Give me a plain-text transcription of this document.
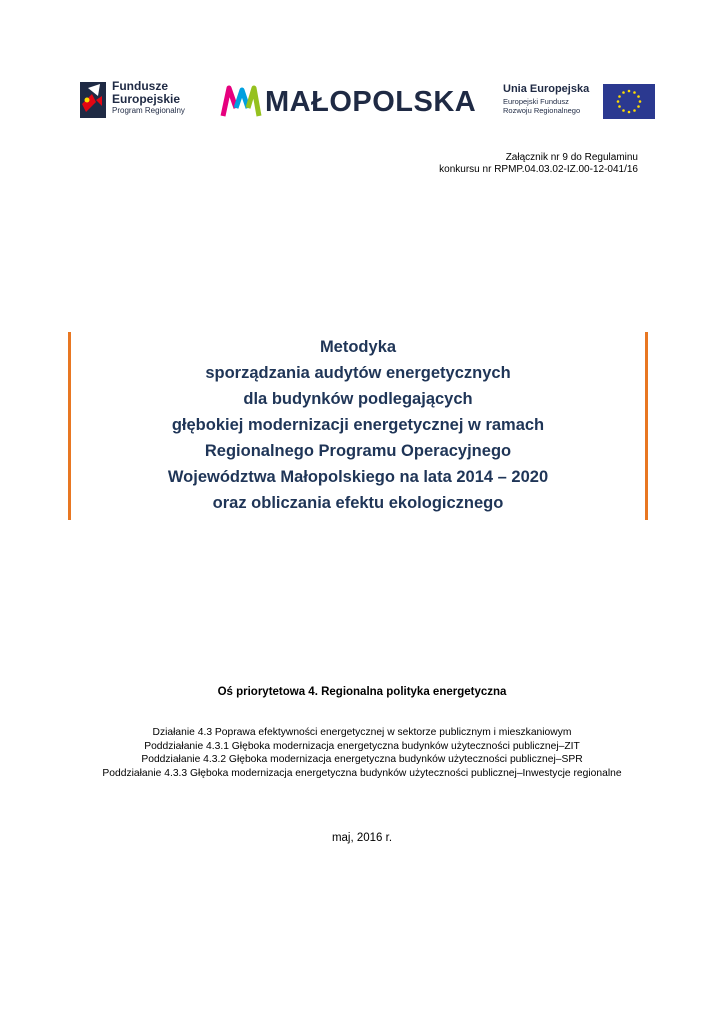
Fundusze
Europejskie
Program Regionalny	MAŁOPOLSKA Unia Europejska
Europejski Fundusz
Rozwoju Regionalnego
Załącznik nr 9 do Regulaminu
konkursu nr RPMP.04.03.02-IZ.00-12-041/16
Metodyka
sporządzania audytów energetycznych
dla budynków podlegających
głębokiej modernizacji energetycznej w ramach
Regionalnego Programu Operacyjnego
Województwa Małopolskiego na lata 2014 – 2020
oraz obliczania efektu ekologicznego
Oś priorytetowa 4. Regionalna polityka energetyczna
Działanie 4.3 Poprawa efektywności energetycznej w sektorze publicznym i mieszkaniowym
Poddziałanie 4.3.1 Głęboka modernizacja energetyczna budynków użyteczności publicznej–ZIT
Poddziałanie 4.3.2 Głęboka modernizacja energetyczna budynków użyteczności publicznej–SPR
Poddziałanie 4.3.3 Głęboka modernizacja energetyczna budynków użyteczności publicznej–Inwestycje regionalne
maj, 2016 r.
